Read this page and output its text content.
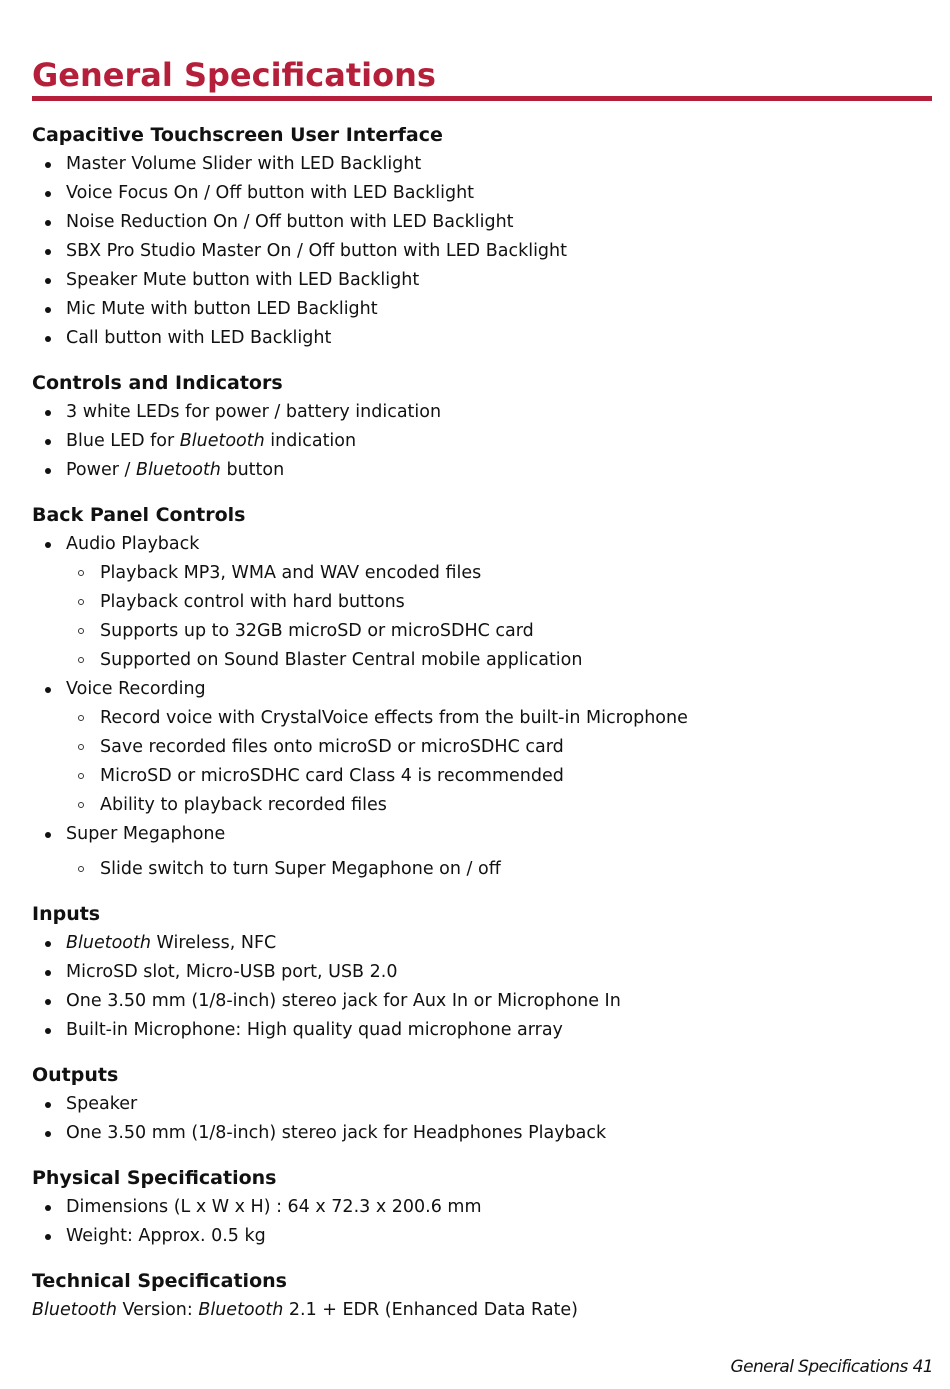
General Specifications
Capacitive Touchscreen User Interface
Master Volume Slider with LED Backlight
Voice Focus On / Off button with LED Backlight
Noise Reduction On / Off button with LED Backlight
SBX Pro Studio Master On / Off button with LED Backlight
Speaker Mute button with LED Backlight
Mic Mute with button LED Backlight
Call button with LED Backlight
Controls and Indicators
3 white LEDs for power / battery indication
Blue LED for Bluetooth indication
Power / Bluetooth button
Back Panel Controls
Audio Playback
Playback MP3, WMA and WAV encoded files
Playback control with hard buttons
Supports up to 32GB microSD or microSDHC card
Supported on Sound Blaster Central mobile application
Voice Recording
Record voice with CrystalVoice effects from the built-in Microphone
Save recorded files onto microSD or microSDHC card
MicroSD or microSDHC card Class 4 is recommended
Ability to playback recorded files
Super Megaphone
Slide switch to turn Super Megaphone on / off
Inputs
Bluetooth Wireless, NFC
MicroSD slot, Micro-USB port, USB 2.0
One 3.50 mm (1/8-inch) stereo jack for Aux In or Microphone In
Built-in Microphone: High quality quad microphone array
Outputs
Speaker
One 3.50 mm (1/8-inch) stereo jack for Headphones Playback
Physical Specifications
Dimensions (L x W x H) : 64 x 72.3 x 200.6 mm
Weight: Approx. 0.5 kg
Technical Specifications

Bluetooth Version: Bluetooth 2.1 + EDR (Enhanced Data Rate)

General Specifications 41
